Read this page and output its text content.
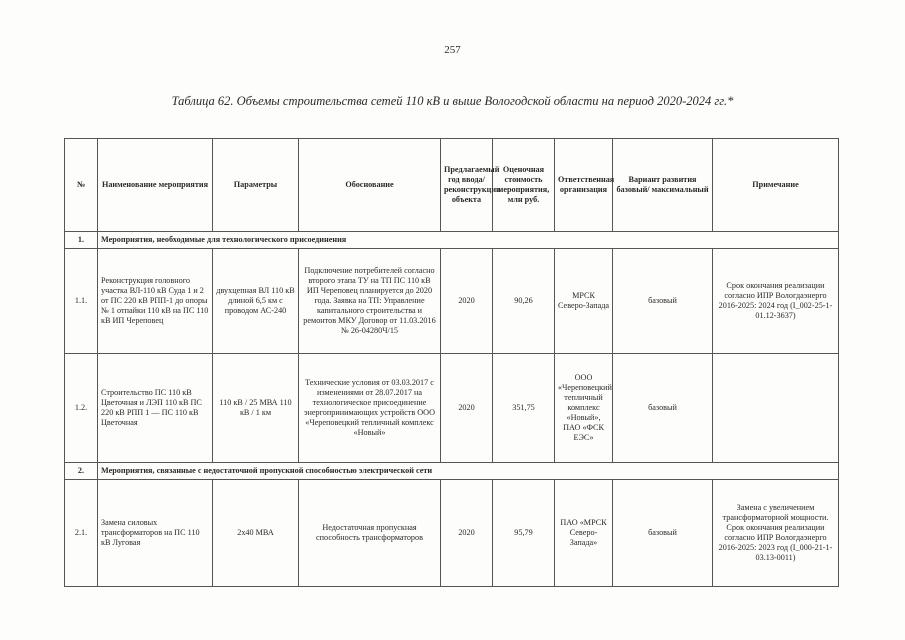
257
Таблица 62. Объемы строительства сетей 110 кВ и выше Вологодской области на период 2020-2024 гг.*
№	Наименование мероприятия	Параметры	Обоснование	Предлагаемый год ввода/ реконструкции объекта	Оценочная стоимость мероприятия, млн руб.	Ответственная организация	Вариант развития базовый/ максимальный	Примечание
1.	Мероприятия, необходимые для технологического присоединения							
1.1.	Реконструкция головного участка ВЛ-110 кВ Суда 1 и 2 от ПС 220 кВ РПП-1 до опоры № 1 отпайки 110 кВ на ПС 110 кВ ИП Череповец	двухцепная ВЛ 110 кВ длиной 6,5 км с проводом АС-240	Подключение потребителей согласно второго этапа ТУ на ТП ПС 110 кВ ИП Череповец планируется до 2020 года. Заявка на ТП: Управление капитального строительства и ремонтов МКУ Договор от 11.03.2016 № 26-04280Ч/15	2020	90,26	МРСК Северо-Запада	базовый	Срок окончания реализации согласно ИПР Вологдаэнерго 2016-2025: 2024 год (I_002-25-1-01.12-3637)
1.2.	Строительство ПС 110 кВ Цветочная и ЛЭП 110 кВ ПС 220 кВ РПП 1 — ПС 110 кВ Цветочная	110 кВ / 25 МВА 110 кВ / 1 км	Технические условия от 03.03.2017 с изменениями от 28.07.2017 на технологическое присоединение энергопринимающих устройств ООО «Череповецкий тепличный комплекс «Новый»	2020	351,75	ООО «Череповецкий тепличный комплекс «Новый», ПАО «ФСК ЕЭС»	базовый	
2.	Мероприятия, связанные с недостаточной пропускной способностью электрической сети							
2.1.	Замена силовых трансформаторов на ПС 110 кВ Луговая	2х40 МВА	Недостаточная пропускная способность трансформаторов	2020	95,79	ПАО «МРСК Северо-Запада»	базовый	Замена с увеличением трансформаторной мощности. Срок окончания реализации согласно ИПР Вологдаэнерго 2016-2025: 2023 год (I_000-21-1-03.13-0011)
